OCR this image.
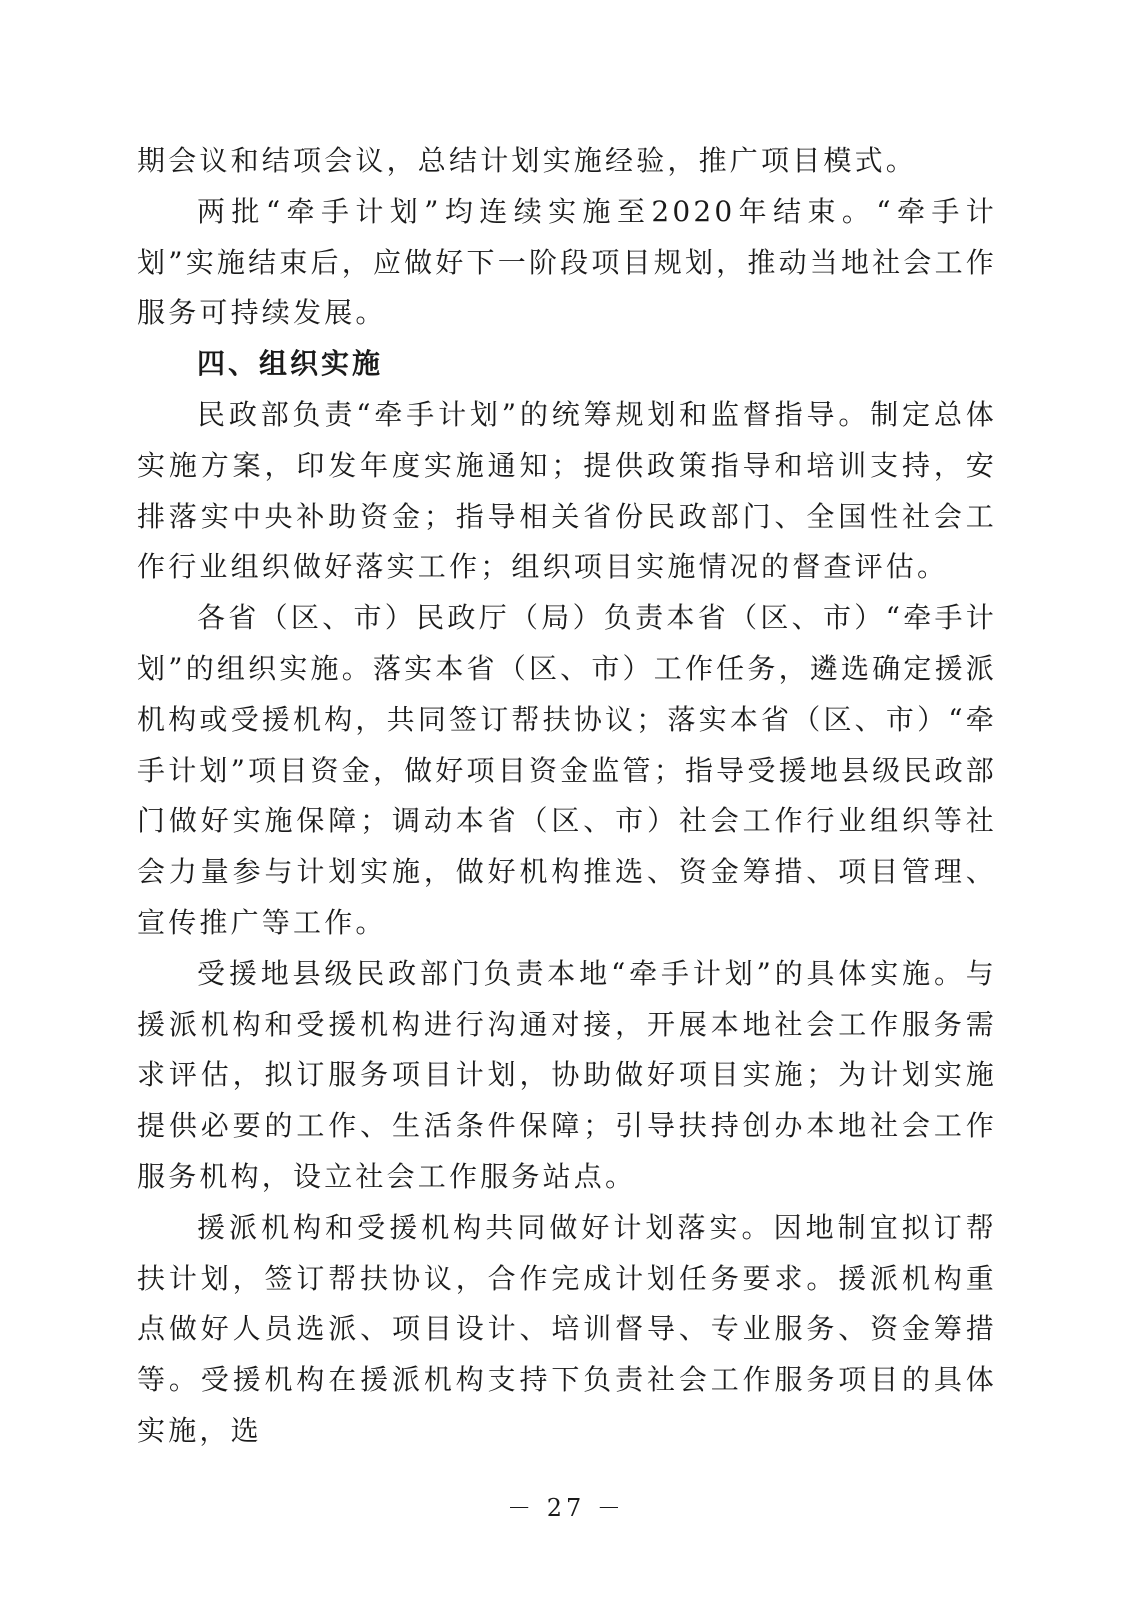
期会议和结项会议，总结计划实施经验，推广项目模式。

两批“牵手计划”均连续实施至2020年结束。“牵手计划”实施结束后，应做好下一阶段项目规划，推动当地社会工作服务可持续发展。

四、组织实施

民政部负责“牵手计划”的统筹规划和监督指导。制定总体实施方案，印发年度实施通知；提供政策指导和培训支持，安排落实中央补助资金；指导相关省份民政部门、全国性社会工作行业组织做好落实工作；组织项目实施情况的督查评估。

各省（区、市）民政厅（局）负责本省（区、市）“牵手计划”的组织实施。落实本省（区、市）工作任务，遴选确定援派机构或受援机构，共同签订帮扶协议；落实本省（区、市）“牵手计划”项目资金，做好项目资金监管；指导受援地县级民政部门做好实施保障；调动本省（区、市）社会工作行业组织等社会力量参与计划实施，做好机构推选、资金筹措、项目管理、宣传推广等工作。

受援地县级民政部门负责本地“牵手计划”的具体实施。与援派机构和受援机构进行沟通对接，开展本地社会工作服务需求评估，拟订服务项目计划，协助做好项目实施；为计划实施提供必要的工作、生活条件保障；引导扶持创办本地社会工作服务机构，设立社会工作服务站点。

援派机构和受援机构共同做好计划落实。因地制宜拟订帮扶计划，签订帮扶协议，合作完成计划任务要求。援派机构重点做好人员选派、项目设计、培训督导、专业服务、资金筹措等。受援机构在援派机构支持下负责社会工作服务项目的具体实施，选

－ 27 －
